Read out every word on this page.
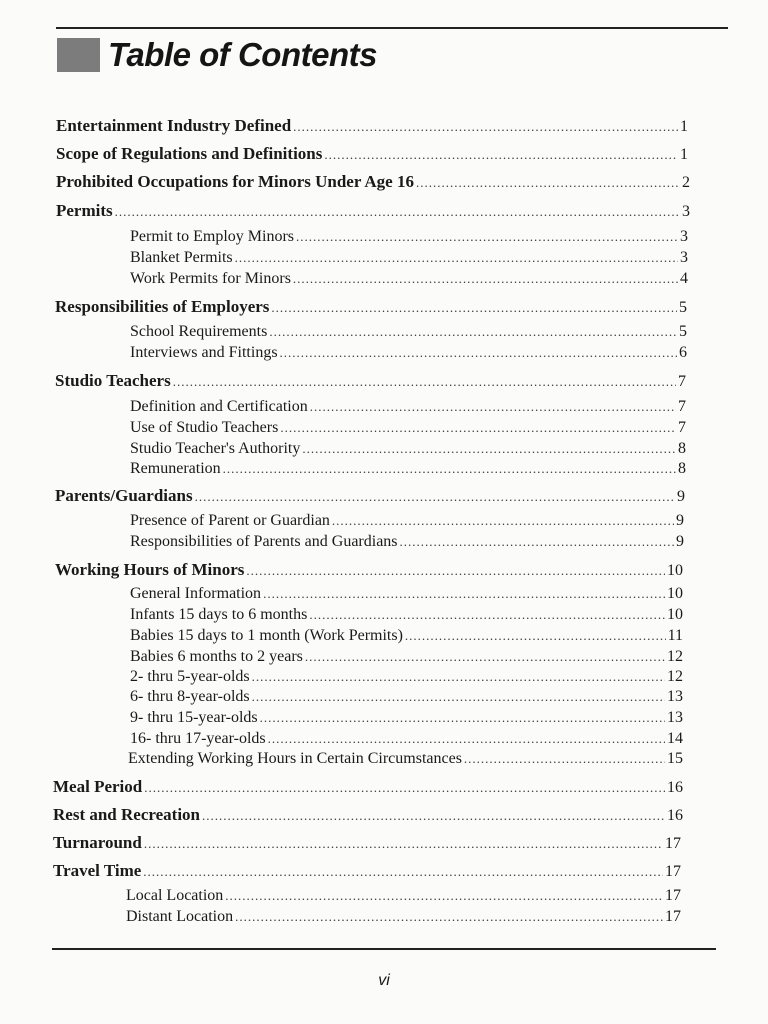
Table of Contents
Entertainment Industry Defined .....	1
Scope of Regulations and Definitions .....	1
Prohibited Occupations for Minors Under Age 16 .....	2
Permits .....	3
Permit to Employ Minors .....	3
Blanket Permits .....	3
Work Permits for Minors .....	4
Responsibilities of Employers .....	5
School Requirements .....	5
Interviews and Fittings .....	6
Studio Teachers .....	7
Definition and Certification .....	7
Use of Studio Teachers .....	7
Studio Teacher's Authority .....	8
Remuneration .....	8
Parents/Guardians .....	9
Presence of Parent or Guardian .....	9
Responsibilities of Parents and Guardians .....	9
Working Hours of Minors .....	10
General Information .....	10
Infants 15 days to 6 months .....	10
Babies 15 days to 1 month (Work Permits) .....	11
Babies 6 months to 2 years .....	12
2- thru 5-year-olds .....	12
6- thru 8-year-olds .....	13
9- thru 15-year-olds .....	13
16- thru 17-year-olds .....	14
Extending Working Hours in Certain Circumstances .....	15
Meal Period .....	16
Rest and Recreation .....	16
Turnaround .....	17
Travel Time .....	17
Local Location .....	17
Distant Location .....	17
vi
